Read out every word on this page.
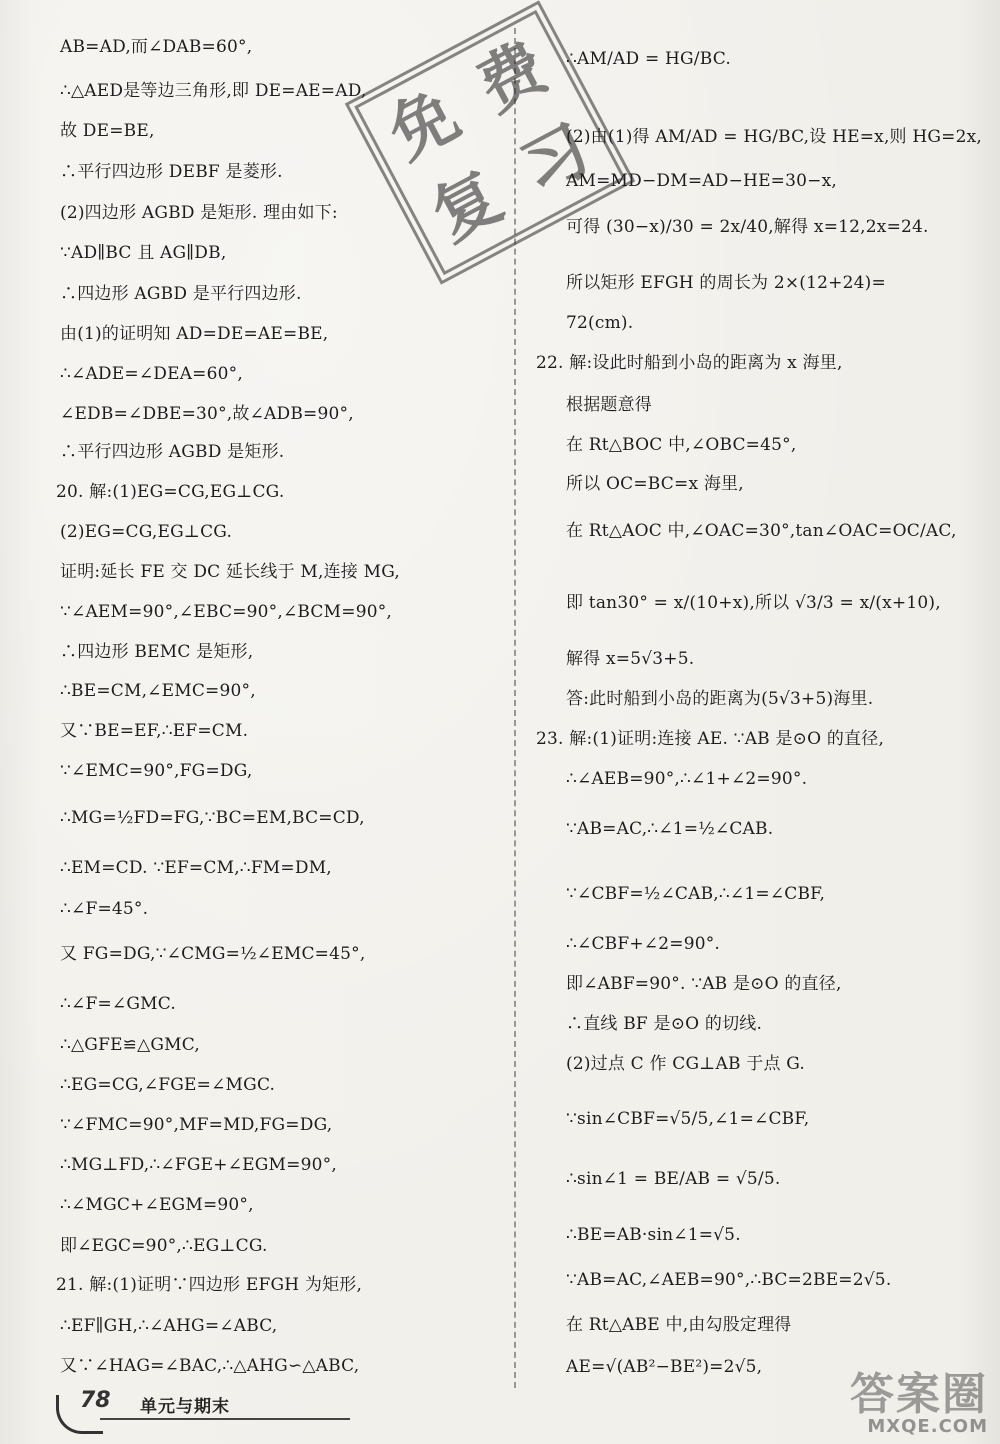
AB=AD,而∠DAB=60°,
∴△AED是等边三角形,即 DE=AE=AD,
故 DE=BE,
∴平行四边形 DEBF 是菱形.
(2)四边形 AGBD 是矩形. 理由如下:
∵AD∥BC 且 AG∥DB,
∴四边形 AGBD 是平行四边形.
由(1)的证明知 AD=DE=AE=BE,
∴∠ADE=∠DEA=60°,
∠EDB=∠DBE=30°,故∠ADB=90°,
∴平行四边形 AGBD 是矩形.
20. 解:(1)EG=CG,EG⊥CG.
(2)EG=CG,EG⊥CG.
证明:延长 FE 交 DC 延长线于 M,连接 MG,
∵∠AEM=90°,∠EBC=90°,∠BCM=90°,
∴四边形 BEMC 是矩形,
∴BE=CM,∠EMC=90°,
又∵BE=EF,∴EF=CM.
∵∠EMC=90°,FG=DG,
∴MG=½FD=FG,∵BC=EM,BC=CD,
∴EM=CD. ∵EF=CM,∴FM=DM,
∴∠F=45°.
又 FG=DG,∵∠CMG=½∠EMC=45°,
∴∠F=∠GMC.
∴△GFE≌△GMC,
∴EG=CG,∠FGE=∠MGC.
∵∠FMC=90°,MF=MD,FG=DG,
∴MG⊥FD,∴∠FGE+∠EGM=90°,
∴∠MGC+∠EGM=90°,
即∠EGC=90°,∴EG⊥CG.
21. 解:(1)证明∵四边形 EFGH 为矩形,
∴EF∥GH,∴∠AHG=∠ABC,
又∵∠HAG=∠BAC,∴△AHG∽△ABC,
∴AM/AD = HG/BC.
(2)由(1)得 AM/AD = HG/BC,设 HE=x,则 HG=2x,
AM=MD−DM=AD−HE=30−x,
可得 (30−x)/30 = 2x/40,解得 x=12,2x=24.
所以矩形 EFGH 的周长为 2×(12+24)=
72(cm).
22. 解:设此时船到小岛的距离为 x 海里,
根据题意得
在 Rt△BOC 中,∠OBC=45°,
所以 OC=BC=x 海里,
在 Rt△AOC 中,∠OAC=30°,tan∠OAC=OC/AC,
即 tan30° = x/(10+x),所以 √3/3 = x/(x+10),
解得 x=5√3+5.
答:此时船到小岛的距离为(5√3+5)海里.
23. 解:(1)证明:连接 AE. ∵AB 是⊙O 的直径,
∴∠AEB=90°,∴∠1+∠2=90°.
∵AB=AC,∴∠1=½∠CAB.
∵∠CBF=½∠CAB,∴∠1=∠CBF,
∴∠CBF+∠2=90°.
即∠ABF=90°. ∵AB 是⊙O 的直径,
∴直线 BF 是⊙O 的切线.
(2)过点 C 作 CG⊥AB 于点 G.
∵sin∠CBF=√5/5,∠1=∠CBF,
∴sin∠1 = BE/AB = √5/5.
∴BE=AB·sin∠1=√5.
∵AB=AC,∠AEB=90°,∴BC=2BE=2√5.
在 Rt△ABE 中,由勾股定理得
AE=√(AB²−BE²)=2√5,
免
费
复
习
78 单元与期末	答案圈
MXQE.COM
